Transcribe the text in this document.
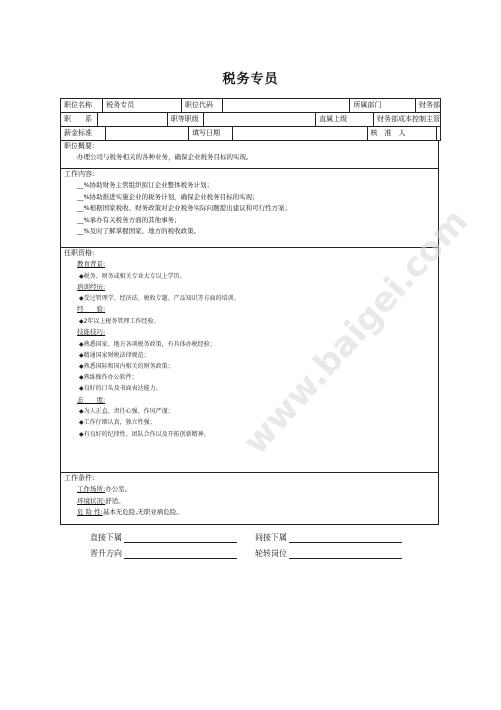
税务专员
职位名称	税务专员	职位代码	所属部门	财务部
职　　系	职等职级	直属上级	财务部成本控制主管
薪金标准	填写日期	核　准　人
职位概要:
办理公司与税务相关的各种业务，确保企业税务目标的实现。
工作内容:
__%协助财务主管组织拟订企业整体税务计划；
__%协助推进实施企业的税务计划，确保企业税务目标的实现；
__%根据国家税收、财务政策对企业税务实际问题提出建议和可行性方案；
__%承办有关税务方面的其他事务；
__%及时了解掌握国家、地方的税收政策。
任职资格:
教育背景:
◆税务、财务或相关专业大专以上学历。
培训经历:
◆受过管理学、经济法、税收专题、产品知识等方面的培训。
经　　验:
◆2年以上税务管理工作经验。
技能技巧:
◆熟悉国家、地方各项税务政策，有具体办税经验；
◆精通国家财税法律规范；
◆熟悉国际和国内相关的财务政策；
◆熟练操作办公软件；
◆良好的口头及书面表达能力。
态　　度:
◆为人正直、责任心强、作风严谨；
◆工作仔细认真，独立性强；
◆有良好的纪律性、团队合作以及开拓创新精神。
工作条件:
工作场所:办公室。
环境状况:舒适。
危 险 性:基本无危险,无职业病危险。
直接下属	间接下属
晋升方向	轮转岗位
www.baigei.com
